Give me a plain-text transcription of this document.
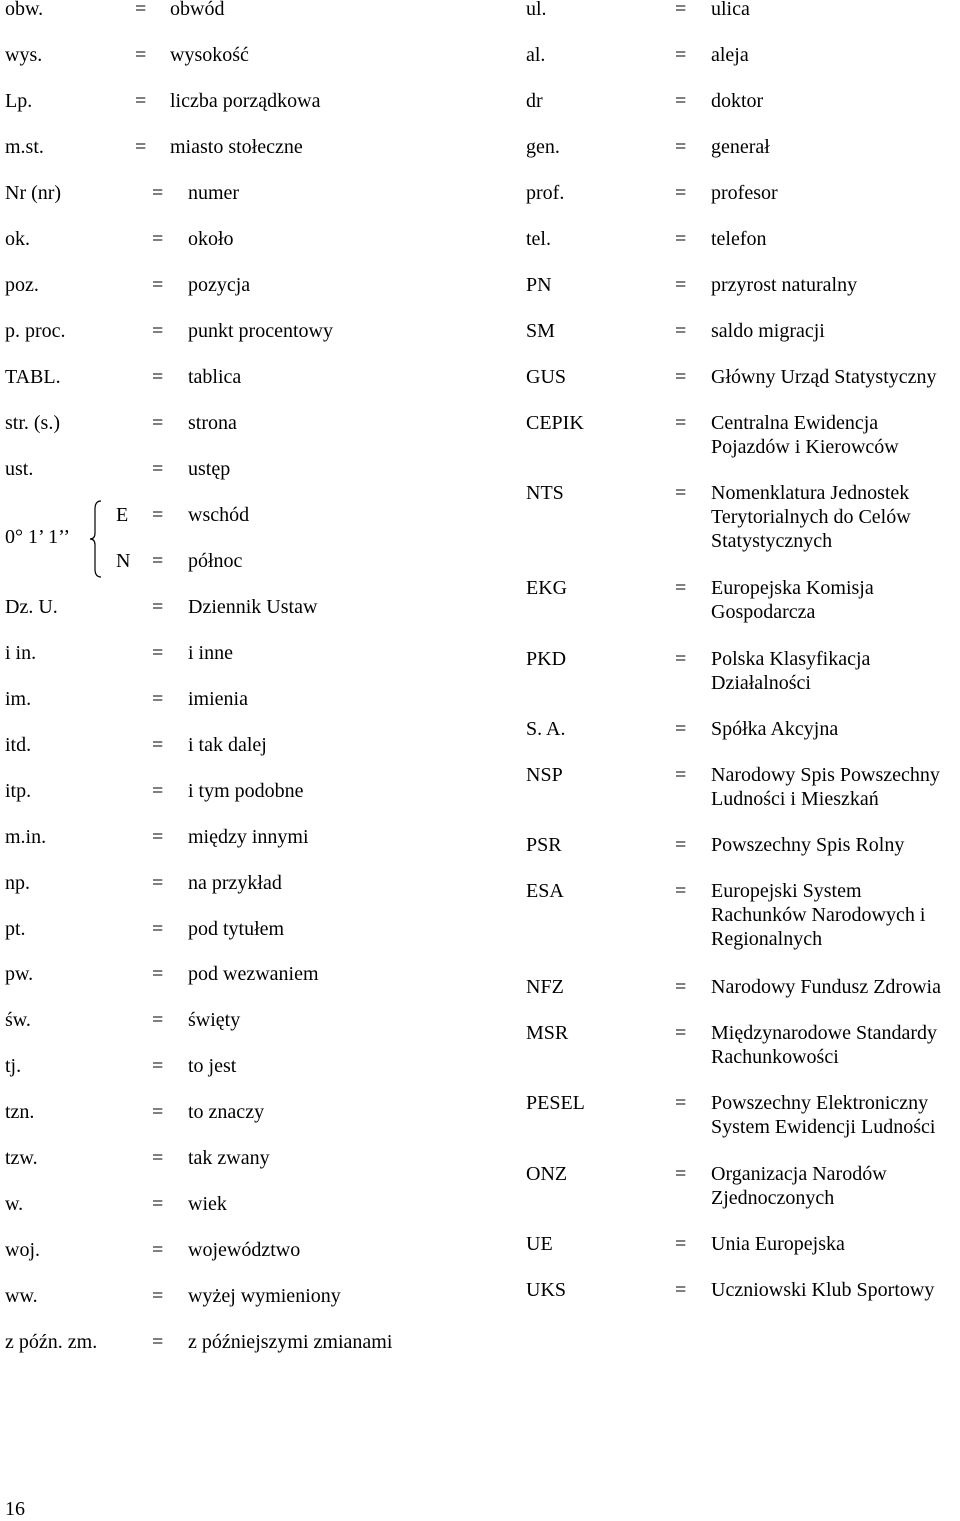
obw.	= obwód
wys.	= wysokość
Lp.	= liczba porządkowa
m.st.	= miasto stołeczne
Nr (nr)	= numer
ok.	= około
poz.	= pozycja
p. proc.	= punkt procentowy
TABL.	= tablica
str. (s.)	= strona
ust.	= ustęp
0° 1’ 1’’
E = wschód
N = północ
Dz. U.	= Dziennik Ustaw
i in.	= i inne
im.	= imienia
itd.	= i tak dalej
itp.	= i tym podobne
m.in.	= między innymi
np.	= na przykład
pt.	= pod tytułem
pw.	= pod wezwaniem
św.	= święty
tj.	= to jest
tzn.	= to znaczy
tzw.	= tak zwany
w.	= wiek
woj.	= województwo
ww.	= wyżej wymieniony
z późn. zm.	= z późniejszymi zmianami
ul.	= ulica
al.	= aleja
dr	= doktor
gen.	= generał
prof.	= profesor
tel.	= telefon
PN	= przyrost naturalny
SM	= saldo migracji
GUS	= Główny Urząd Statystyczny
CEPIK	= Centralna Ewidencja Pojazdów i Kierowców
NTS	= Nomenklatura Jednostek Terytorialnych do Celów Statystycznych
EKG	= Europejska Komisja Gospodarcza
PKD	= Polska Klasyfikacja Działalności
S. A.	= Spółka Akcyjna
NSP	= Narodowy Spis Powszechny Ludności i Mieszkań
PSR	= Powszechny Spis Rolny
ESA	= Europejski System Rachunków Narodowych i Regionalnych
NFZ	= Narodowy Fundusz Zdrowia
MSR	= Międzynarodowe Standardy Rachunkowości
PESEL	= Powszechny Elektroniczny System Ewidencji Ludności
ONZ	= Organizacja Narodów Zjednoczonych
UE	= Unia Europejska
UKS	= Uczniowski Klub Sportowy
16
